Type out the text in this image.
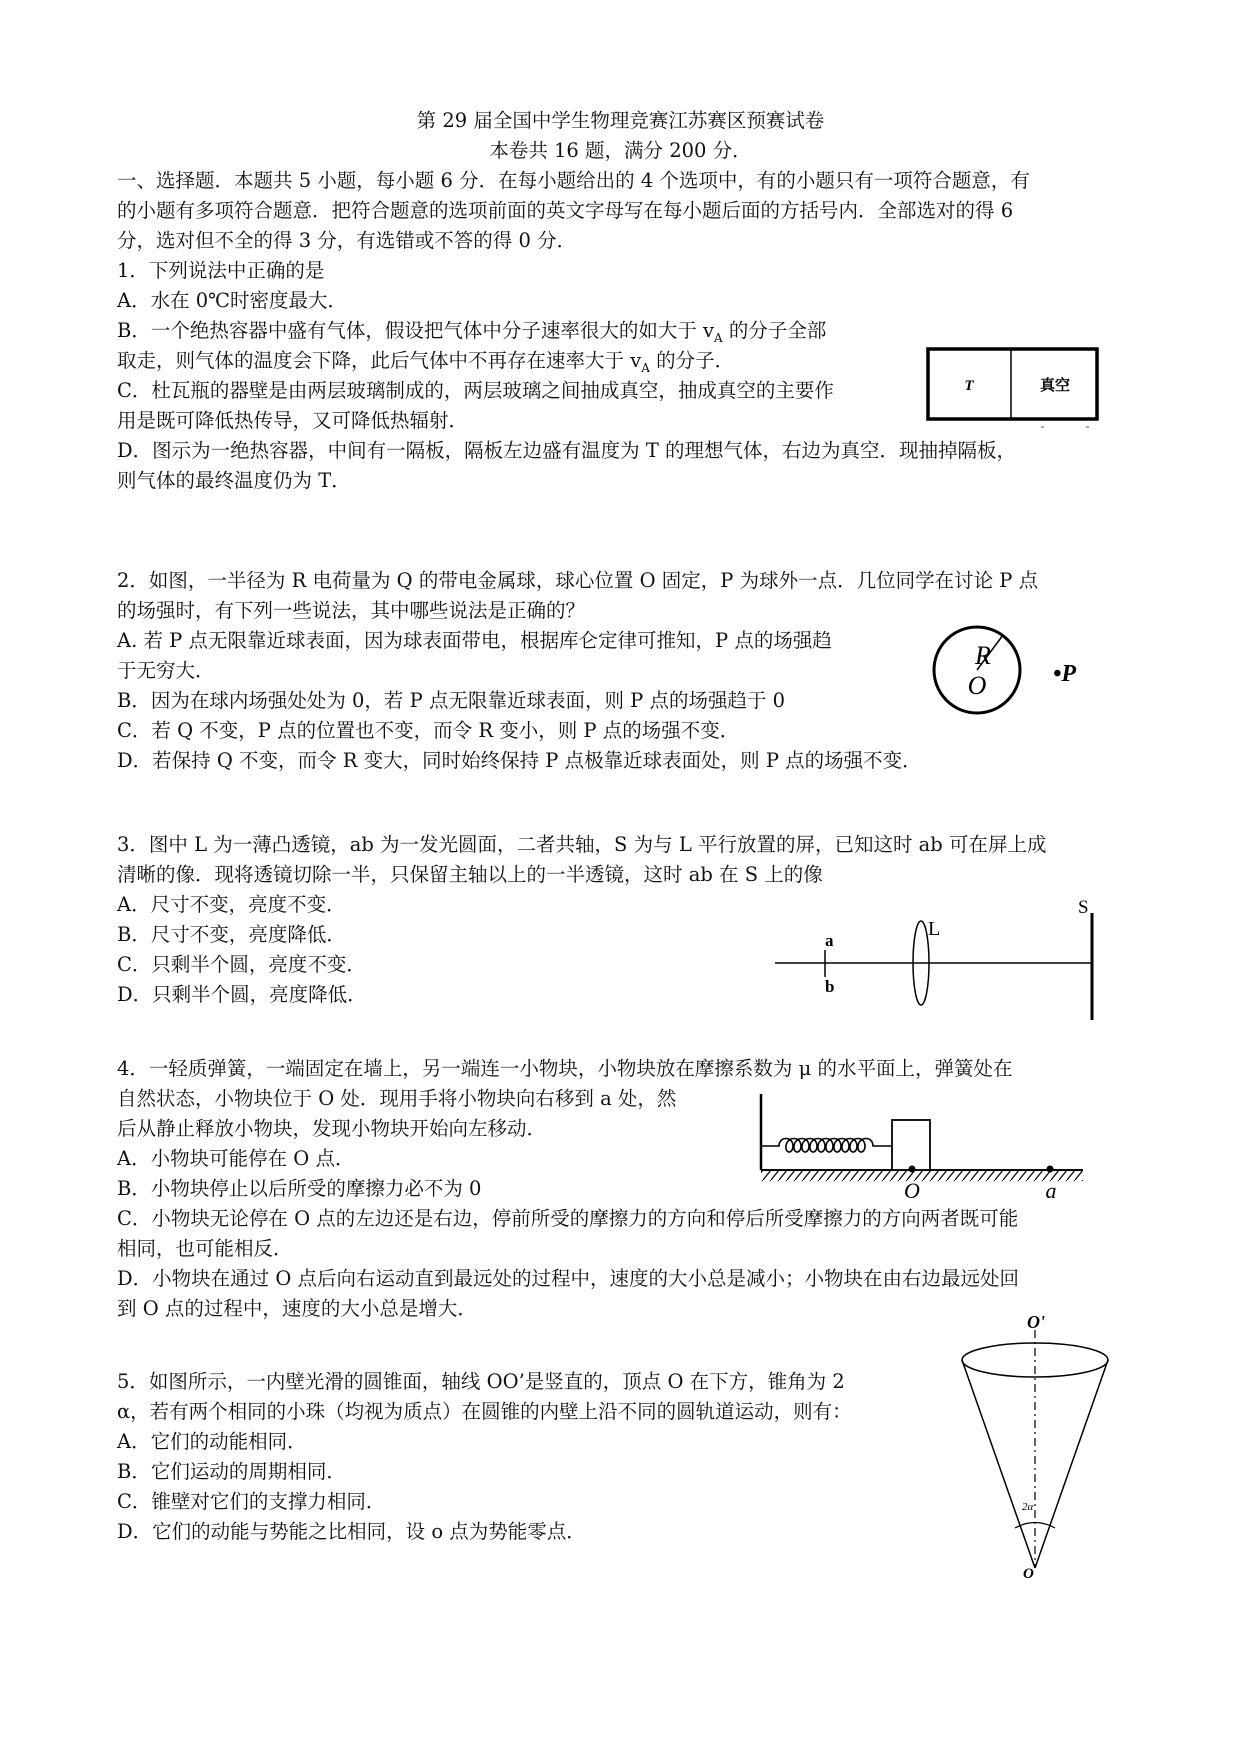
第 29 届全国中学生物理竞赛江苏赛区预赛试卷
本卷共 16 题，满分 200 分．
一、选择题．本题共 5 小题，每小题 6 分．在每小题给出的 4 个选项中，有的小题只有一项符合题意，有
的小题有多项符合题意．把符合题意的选项前面的英文字母写在每小题后面的方括号内．全部选对的得 6
分，选对但不全的得 3 分，有选错或不答的得 0 分．
1．下列说法中正确的是
A．水在 0℃时密度最大．
B．一个绝热容器中盛有气体，假设把气体中分子速率很大的如大于 $v_A$ 的分子全部
取走，则气体的温度会下降，此后气体中不再存在速率大于 $v_A$ 的分子．
C．杜瓦瓶的器壁是由两层玻璃制成的，两层玻璃之间抽成真空，抽成真空的主要作
用是既可降低热传导，又可降低热辐射．
D．图示为一绝热容器，中间有一隔板，隔板左边盛有温度为 T 的理想气体，右边为真空．现抽掉隔板，
则气体的最终温度仍为 T．
T	真空
2．如图，一半径为 R 电荷量为 Q 的带电金属球，球心位置 O 固定，P 为球外一点．几位同学在讨论 P 点
的场强时，有下列一些说法，其中哪些说法是正确的？
A. 若 P 点无限靠近球表面，因为球表面带电，根据库仑定律可推知，P 点的场强趋
于无穷大．
B．因为在球内场强处处为 0，若 P 点无限靠近球表面，则 P 点的场强趋于 0
C．若 Q 不变，P 点的位置也不变，而令 R 变小，则 P 点的场强不变．
D．若保持 Q 不变，而令 R 变大，同时始终保持 P 点极靠近球表面处，则 P 点的场强不变．
R
O	•P
3．图中 L 为一薄凸透镜，ab 为一发光圆面，二者共轴，S 为与 L 平行放置的屏，已知这时 ab 可在屏上成
清晰的像．现将透镜切除一半，只保留主轴以上的一半透镜，这时 ab 在 S 上的像
A．尺寸不变，亮度不变．
B．尺寸不变，亮度降低．
C．只剩半个圆，亮度不变．
D．只剩半个圆，亮度降低．
a
b
L
S
4．一轻质弹簧，一端固定在墙上，另一端连一小物块，小物块放在摩擦系数为 μ 的水平面上，弹簧处在
自然状态，小物块位于 O 处．现用手将小物块向右移到 a 处，然
后从静止释放小物块，发现小物块开始向左移动．
A．小物块可能停在 O 点．
B．小物块停止以后所受的摩擦力必不为 0
C．小物块无论停在 O 点的左边还是右边，停前所受的摩擦力的方向和停后所受摩擦力的方向两者既可能
相同，也可能相反．
D．小物块在通过 O 点后向右运动直到最远处的过程中，速度的大小总是减小；小物块在由右边最远处回
到 O 点的过程中，速度的大小总是增大．
O	a
5．如图所示，一内壁光滑的圆锥面，轴线 OO’是竖直的，顶点 O 在下方，锥角为 2
α，若有两个相同的小珠（均视为质点）在圆锥的内壁上沿不同的圆轨道运动，则有：
A．它们的动能相同．
B．它们运动的周期相同．
C．锥壁对它们的支撑力相同．
D．它们的动能与势能之比相同，设 o 点为势能零点．
O'
2α
O
